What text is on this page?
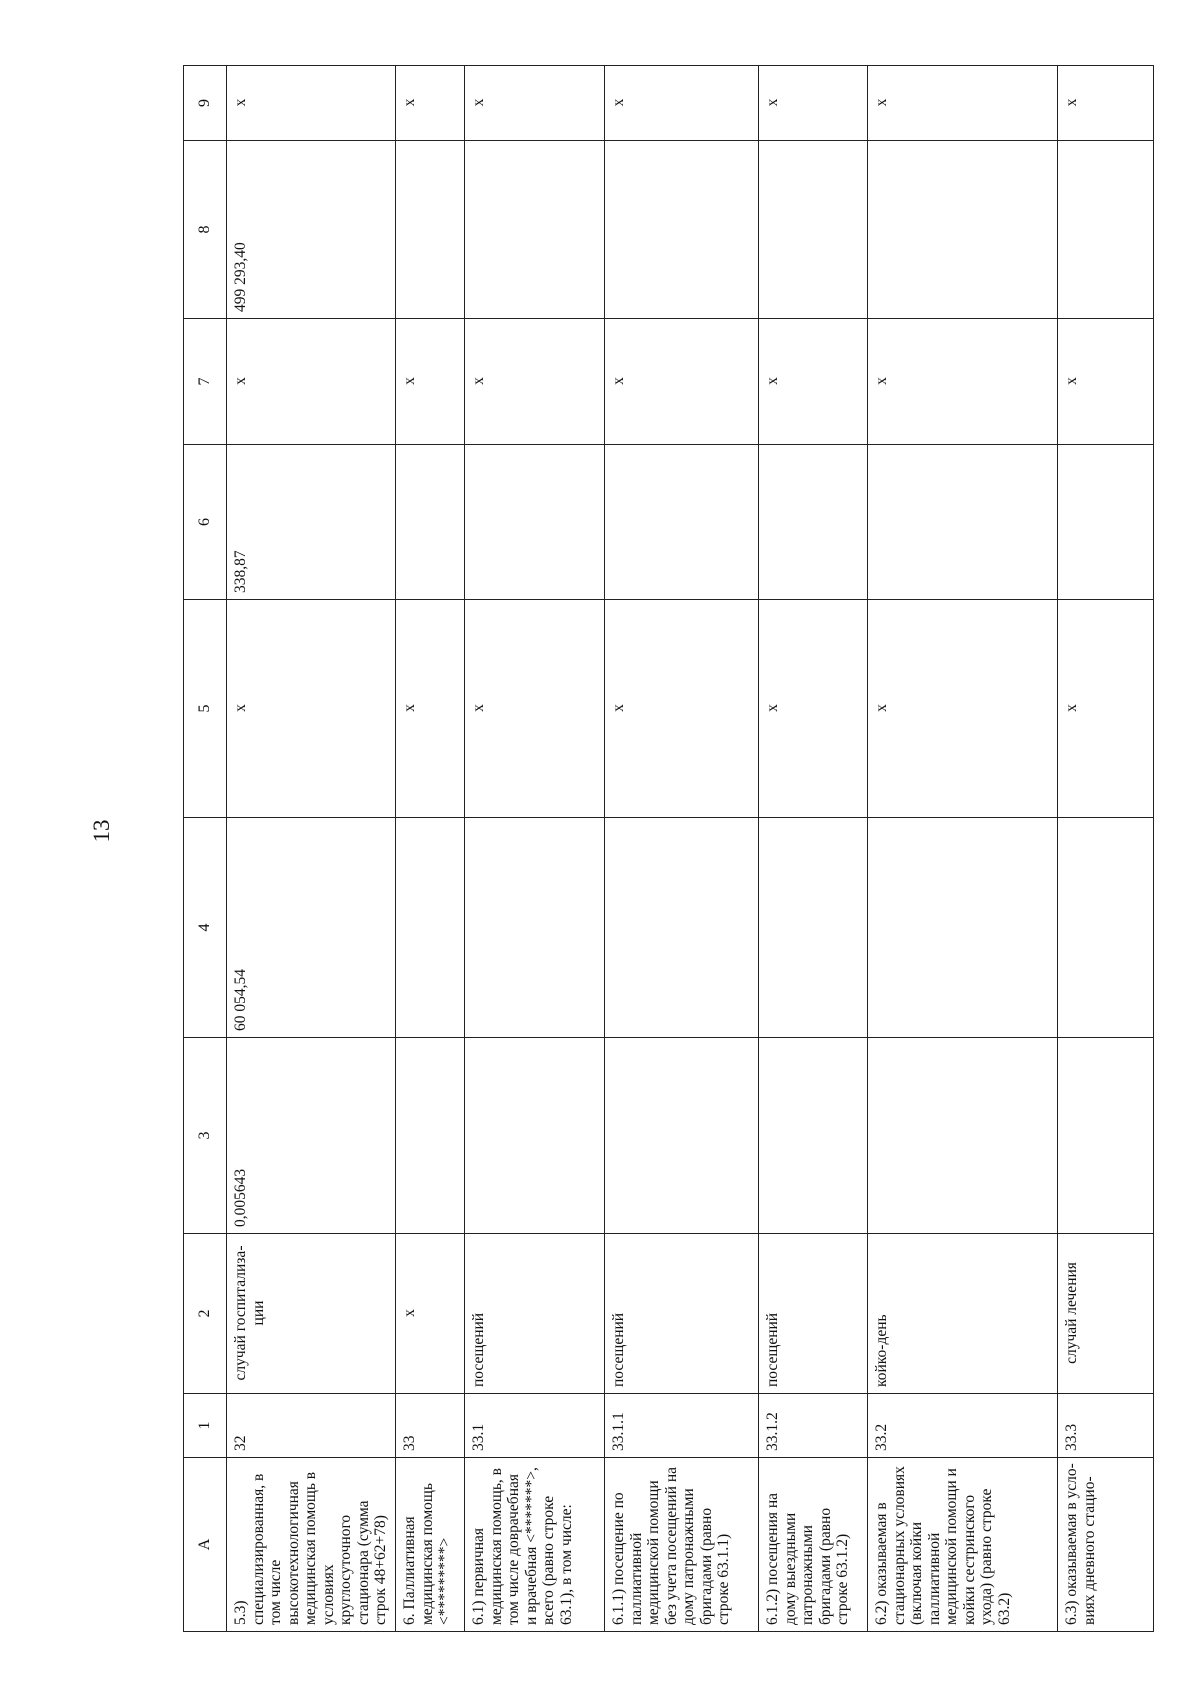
13
А	1	2	3	4	5	6	7	8	9
5.3) специализированная, в том числе высокотехнологичная медицинская помощь в условиях круглосуточного стационара (сумма строк 48+62+78)	32	случай госпитализа-ции	0,005643	60 054,54	х	338,87	х	499 293,40	х
6. Паллиативная медицинская помощь <*********>	33	х			х		х		х
6.1) первичная медицинская помощь, в том числе доврачебная и врачебная <*******>, всего (равно строке 63.1), в том числе:	33.1	посещений			х		х		х
6.1.1) посещение по паллиативной медицинской помощи без учета посещений на дому патронажными бригадами (равно строке 63.1.1)	33.1.1	посещений			х		х		х
6.1.2) посещения на дому выездными патронажными бригадами (равно строке 63.1.2)	33.1.2	посещений			х		х		х
6.2) оказываемая в стационарных условиях (включая койки паллиативной медицинской помощи и койки сестринского ухода) (равно строке 63.2)	33.2	койко-день			х		х		х
6.3) оказываемая в усло-виях дневного стацио-	33.3	случай лечения			х		х		х
